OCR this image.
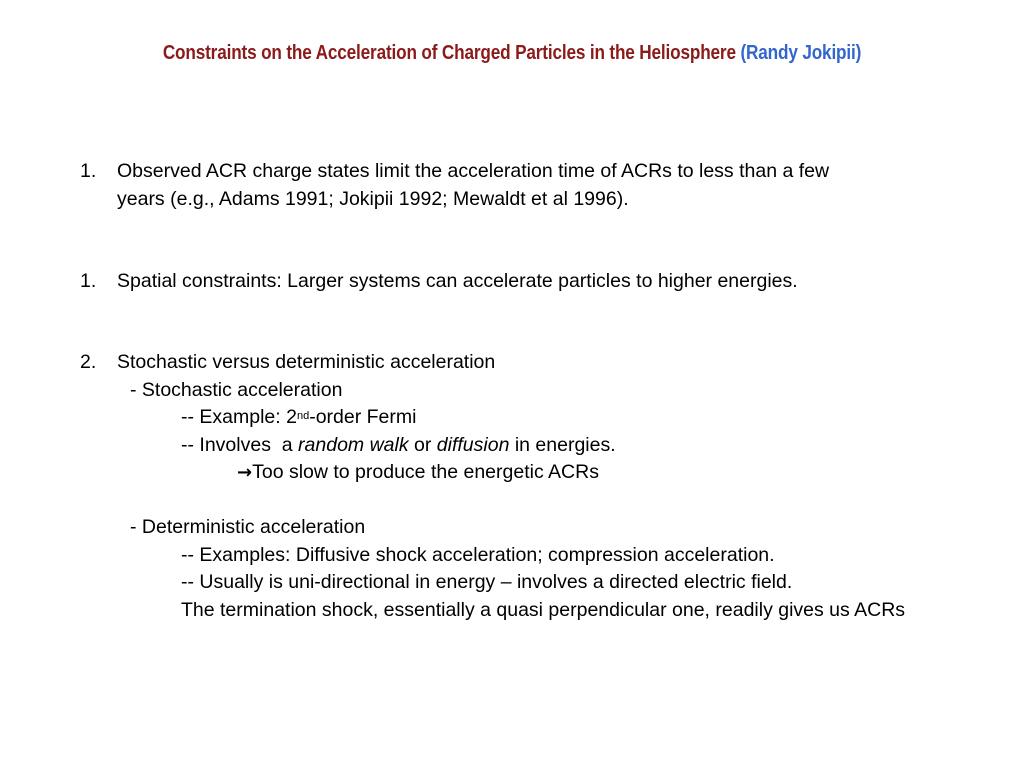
Constraints on the Acceleration of Charged Particles in the Heliosphere (Randy Jokipii)
1. Observed ACR charge states limit the acceleration time of ACRs to less than a few
years (e.g., Adams 1991; Jokipii 1992; Mewaldt et al 1996).
1. Spatial constraints: Larger systems can accelerate particles to higher energies.
2. Stochastic versus deterministic acceleration
- Stochastic acceleration
-- Example: 2nd-order Fermi
-- Involves  a random walk or diffusion in energies.
→Too slow to produce the energetic ACRs
- Deterministic acceleration
-- Examples: Diffusive shock acceleration; compression acceleration.
-- Usually is uni-directional in energy – involves a directed electric field.
The termination shock, essentially a quasi perpendicular one, readily gives us ACRs
